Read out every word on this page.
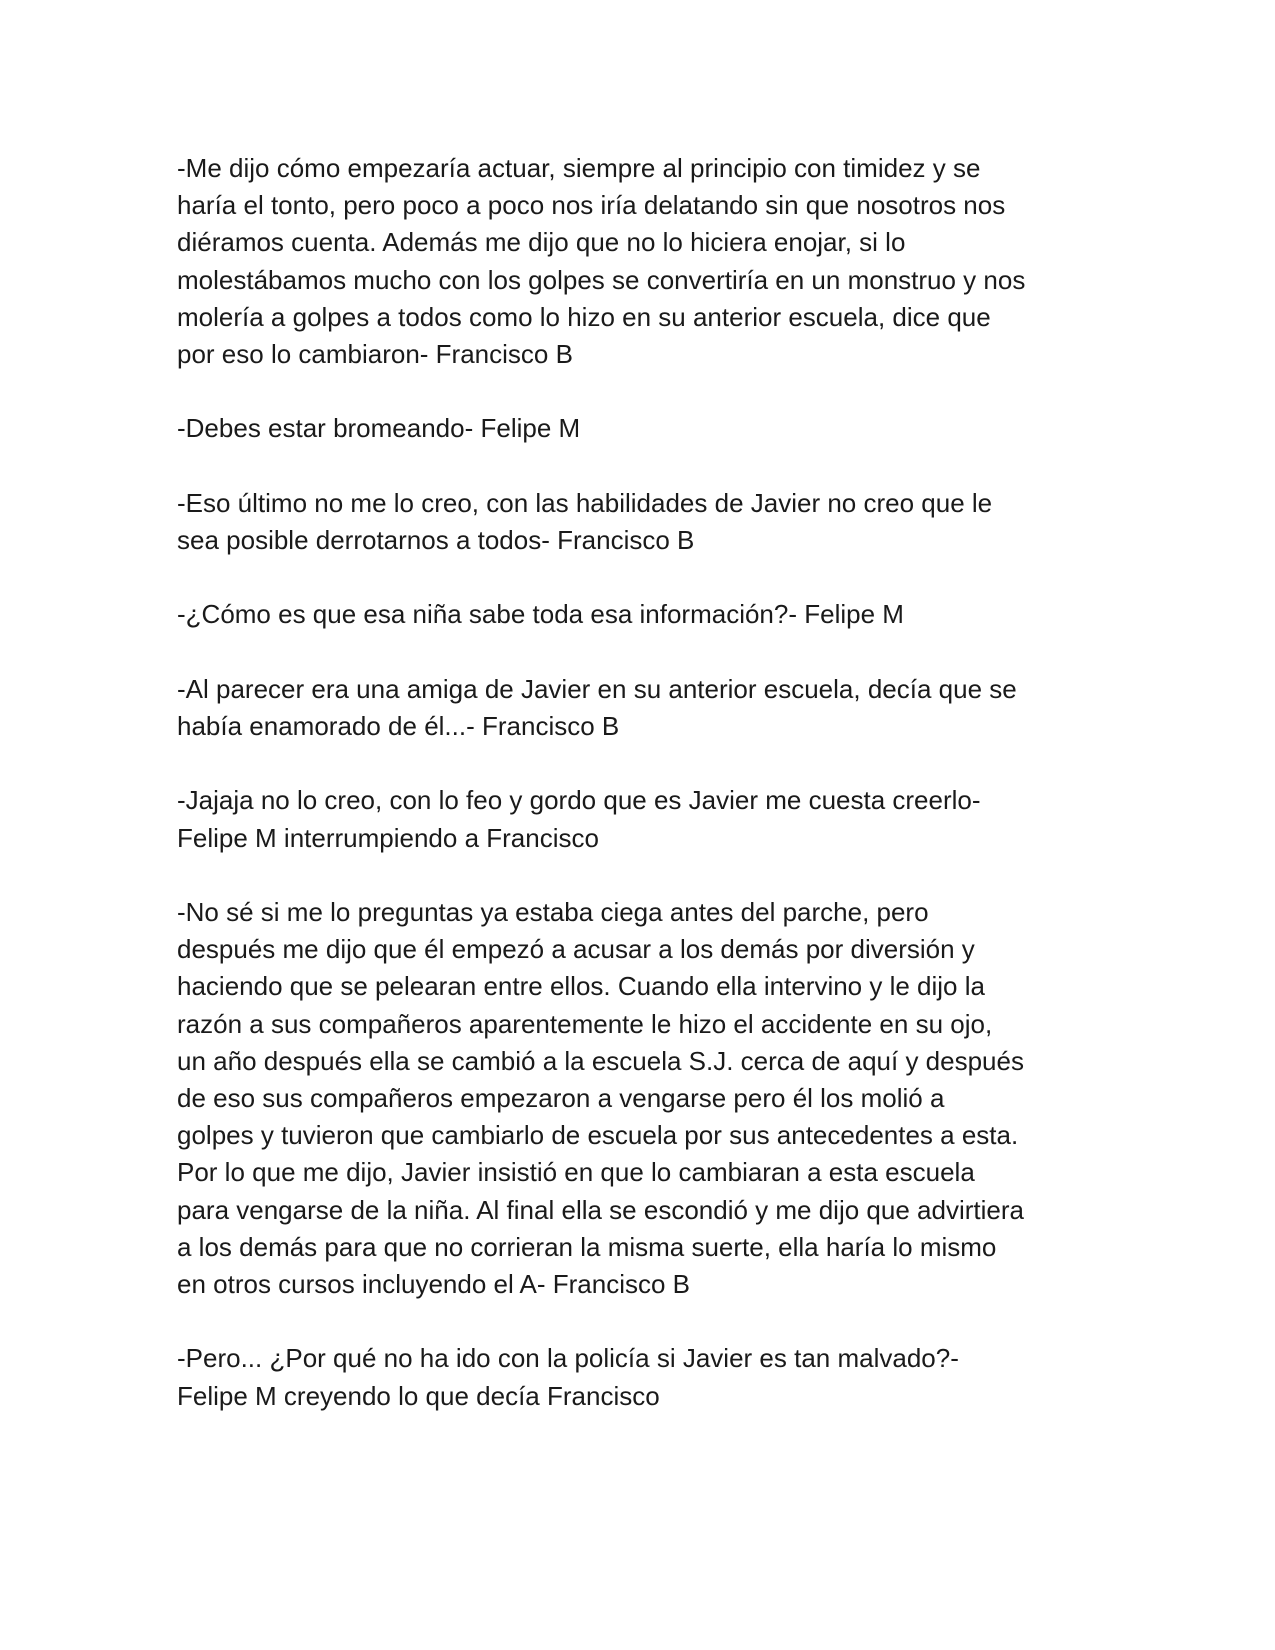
-Me dijo cómo empezaría actuar, siempre al principio con timidez y se
haría el tonto, pero poco a poco nos iría delatando sin que nosotros nos
diéramos cuenta. Además me dijo que no lo hiciera enojar, si lo
molestábamos mucho con los golpes se convertiría en un monstruo y nos
molería a golpes a todos como lo hizo en su anterior escuela, dice que
por eso lo cambiaron- Francisco B
-Debes estar bromeando- Felipe M
-Eso último no me lo creo, con las habilidades de Javier no creo que le
sea posible derrotarnos a todos- Francisco B
-¿Cómo es que esa niña sabe toda esa información?- Felipe M
-Al parecer era una amiga de Javier en su anterior escuela, decía que se
había enamorado de él...- Francisco B
-Jajaja no lo creo, con lo feo y gordo que es Javier me cuesta creerlo-
Felipe M interrumpiendo a Francisco
-No sé si me lo preguntas ya estaba ciega antes del parche, pero
después me dijo que él empezó a acusar a los demás por diversión y
haciendo que se pelearan entre ellos. Cuando ella intervino y le dijo la
razón a sus compañeros aparentemente le hizo el accidente en su ojo,
un año después ella se cambió a la escuela S.J. cerca de aquí y después
de eso sus compañeros empezaron a vengarse pero él los molió a
golpes y tuvieron que cambiarlo de escuela por sus antecedentes a esta.
Por lo que me dijo, Javier insistió en que lo cambiaran a esta escuela
para vengarse de la niña. Al final ella se escondió y me dijo que advirtiera
a los demás para que no corrieran la misma suerte, ella haría lo mismo
en otros cursos incluyendo el A- Francisco B
-Pero... ¿Por qué no ha ido con la policía si Javier es tan malvado?-
Felipe M creyendo lo que decía Francisco
